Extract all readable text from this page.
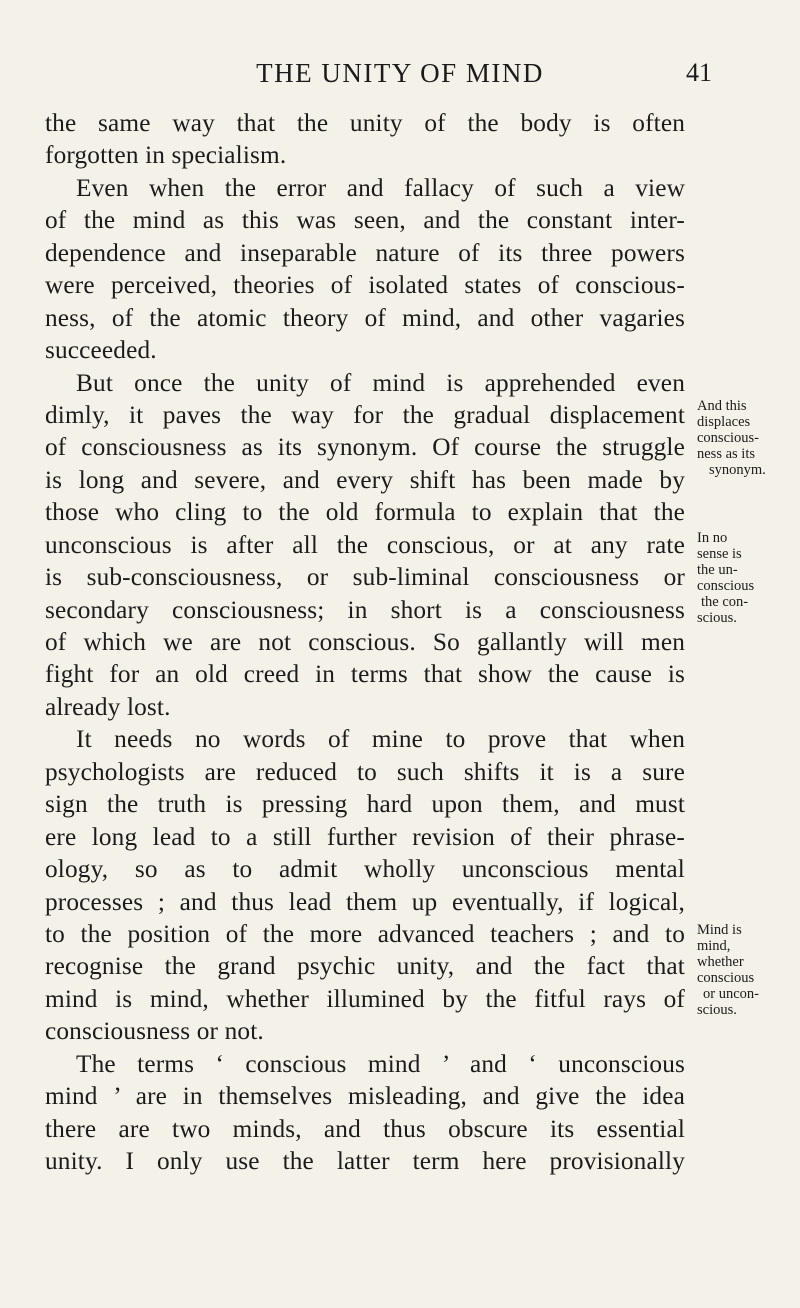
THE UNITY OF MIND	41
the same way that the unity of the body is often
forgotten in specialism.
Even when the error and fallacy of such a view
of the mind as this was seen, and the constant inter-
dependence and inseparable nature of its three powers
were perceived, theories of isolated states of conscious-
ness, of the atomic theory of mind, and other vagaries
succeeded.
But once the unity of mind is apprehended even
dimly, it paves the way for the gradual displacement
of consciousness as its synonym. Of course the struggle
is long and severe, and every shift has been made by
those who cling to the old formula to explain that the
unconscious is after all the conscious, or at any rate
is sub-consciousness, or sub-liminal consciousness or
secondary consciousness; in short is a consciousness
of which we are not conscious. So gallantly will men
fight for an old creed in terms that show the cause is
already lost.
It needs no words of mine to prove that when
psychologists are reduced to such shifts it is a sure
sign the truth is pressing hard upon them, and must
ere long lead to a still further revision of their phrase-
ology, so as to admit wholly unconscious mental
processes ; and thus lead them up eventually, if logical,
to the position of the more advanced teachers ; and to
recognise the grand psychic unity, and the fact that
mind is mind, whether illumined by the fitful rays of
consciousness or not.
The terms ‘ conscious mind ’ and ‘ unconscious
mind ’ are in themselves misleading, and give the idea
there are two minds, and thus obscure its essential
unity. I only use the latter term here provisionally
And this
displaces
conscious-
ness as its
synonym.
In no
sense is
the un-
conscious
the con-
scious.
Mind is
mind,
whether
conscious
or uncon-
scious.
